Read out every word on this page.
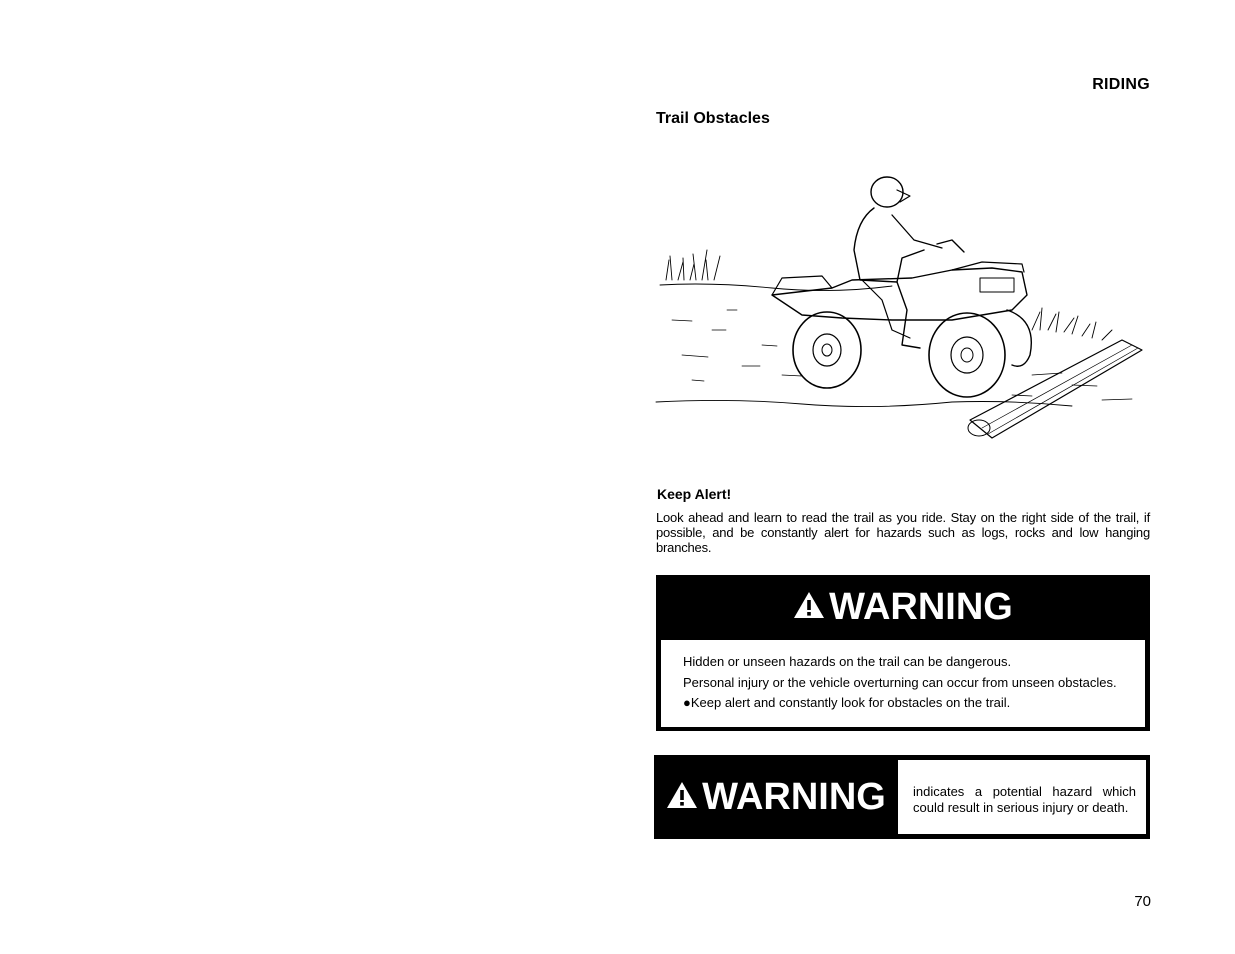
RIDING
Trail Obstacles
Keep Alert!
Look ahead and learn to read the trail as you ride. Stay on the right side of the trail, if possible, and be constantly alert for hazards such as logs, rocks and low hanging branches.
WARNING

Hidden or unseen hazards on the trail can be dangerous.

Personal injury or the vehicle overturning can occur from unseen obstacles.

●Keep alert and constantly look for obstacles on the trail.

WARNING	indicates a potential hazard which could result in serious injury or death.
70
